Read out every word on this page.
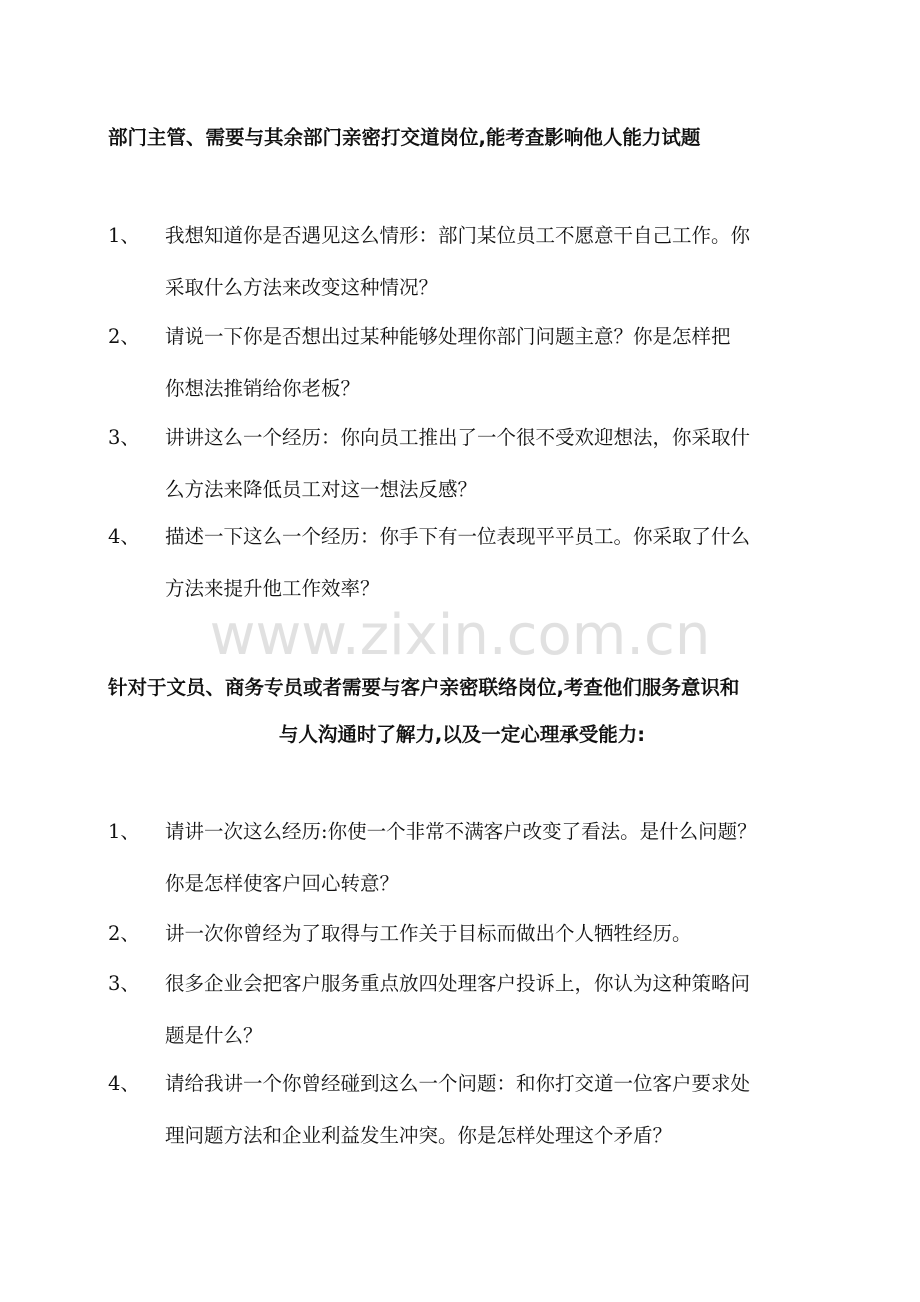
部门主管、需要与其余部门亲密打交道岗位,能考查影响他人能力试题
1、 我想知道你是否遇见这么情形：部门某位员工不愿意干自己工作。你
采取什么方法来改变这种情况？
2、 请说一下你是否想出过某种能够处理你部门问题主意？你是怎样把
你想法推销给你老板？
3、 讲讲这么一个经历：你向员工推出了一个很不受欢迎想法，你采取什
么方法来降低员工对这一想法反感？
4、 描述一下这么一个经历：你手下有一位表现平平员工。你采取了什么
方法来提升他工作效率？
www.zixin.com.cn
针对于文员、商务专员或者需要与客户亲密联络岗位,考查他们服务意识和
与人沟通时了解力,以及一定心理承受能力:
1、 请讲一次这么经历:你使一个非常不满客户改变了看法。是什么问题？
你是怎样使客户回心转意？
2、 讲一次你曾经为了取得与工作关于目标而做出个人牺牲经历。
3、 很多企业会把客户服务重点放四处理客户投诉上，你认为这种策略问
题是什么？
4、 请给我讲一个你曾经碰到这么一个问题：和你打交道一位客户要求处
理问题方法和企业利益发生冲突。你是怎样处理这个矛盾？
